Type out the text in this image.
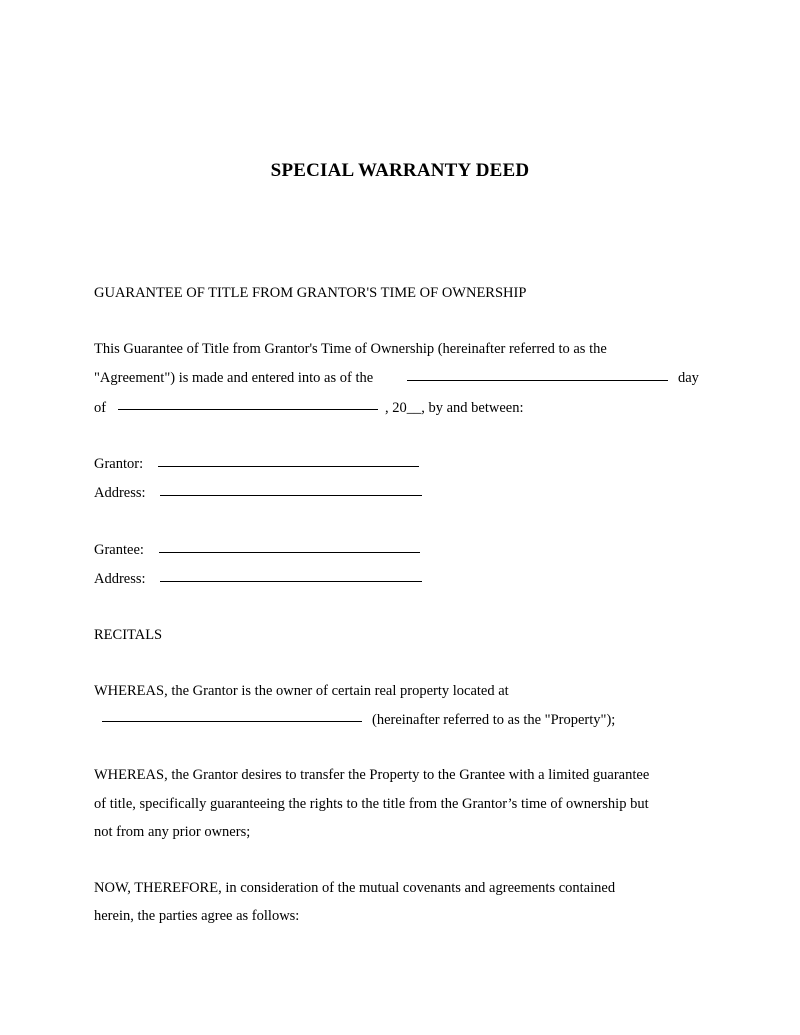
SPECIAL WARRANTY DEED
GUARANTEE OF TITLE FROM GRANTOR'S TIME OF OWNERSHIP
This Guarantee of Title from Grantor's Time of Ownership (hereinafter referred to as the
"Agreement") is made and entered into as of the	day
of	, 20__, by and between:
Grantor:
Address:
Grantee:
Address:
RECITALS
WHEREAS, the Grantor is the owner of certain real property located at
(hereinafter referred to as the "Property");
WHEREAS, the Grantor desires to transfer the Property to the Grantee with a limited guarantee
of title, specifically guaranteeing the rights to the title from the Grantor’s time of ownership but
not from any prior owners;
NOW, THEREFORE, in consideration of the mutual covenants and agreements contained
herein, the parties agree as follows:
